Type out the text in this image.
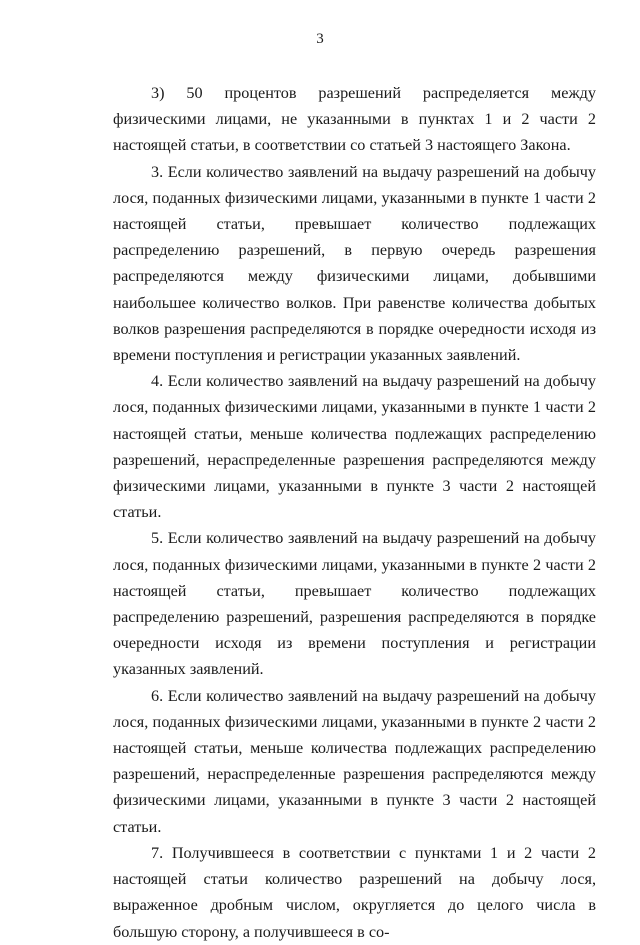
3

3) 50 процентов разрешений распределяется между физическими лицами, не указанными в пунктах 1 и 2 части 2 настоящей статьи, в соответствии со статьей 3 настоящего Закона.

3. Если количество заявлений на выдачу разрешений на добычу лося, поданных физическими лицами, указанными в пункте 1 части 2 настоящей статьи, превышает количество подлежащих распределению разрешений, в первую очередь разрешения распределяются между физическими лицами, добывшими наибольшее количество волков. При равенстве количества добытых волков разрешения распределяются в порядке очередности исходя из времени поступления и регистрации указанных заявлений.

4. Если количество заявлений на выдачу разрешений на добычу лося, поданных физическими лицами, указанными в пункте 1 части 2 настоящей статьи, меньше количества подлежащих распределению разрешений, нераспределенные разрешения распределяются между физическими лицами, указанными в пункте 3 части 2 настоящей статьи.

5. Если количество заявлений на выдачу разрешений на добычу лося, поданных физическими лицами, указанными в пункте 2 части 2 настоящей статьи, превышает количество подлежащих распределению разрешений, разрешения распределяются в порядке очередности исходя из времени поступления и регистрации указанных заявлений.

6. Если количество заявлений на выдачу разрешений на добычу лося, поданных физическими лицами, указанными в пункте 2 части 2 настоящей статьи, меньше количества подлежащих распределению разрешений, нераспределенные разрешения распределяются между физическими лицами, указанными в пункте 3 части 2 настоящей статьи.

7. Получившееся в соответствии с пунктами 1 и 2 части 2 настоящей статьи количество разрешений на добычу лося, выраженное дробным числом, округляется до целого числа в большую сторону, а получившееся в со-
